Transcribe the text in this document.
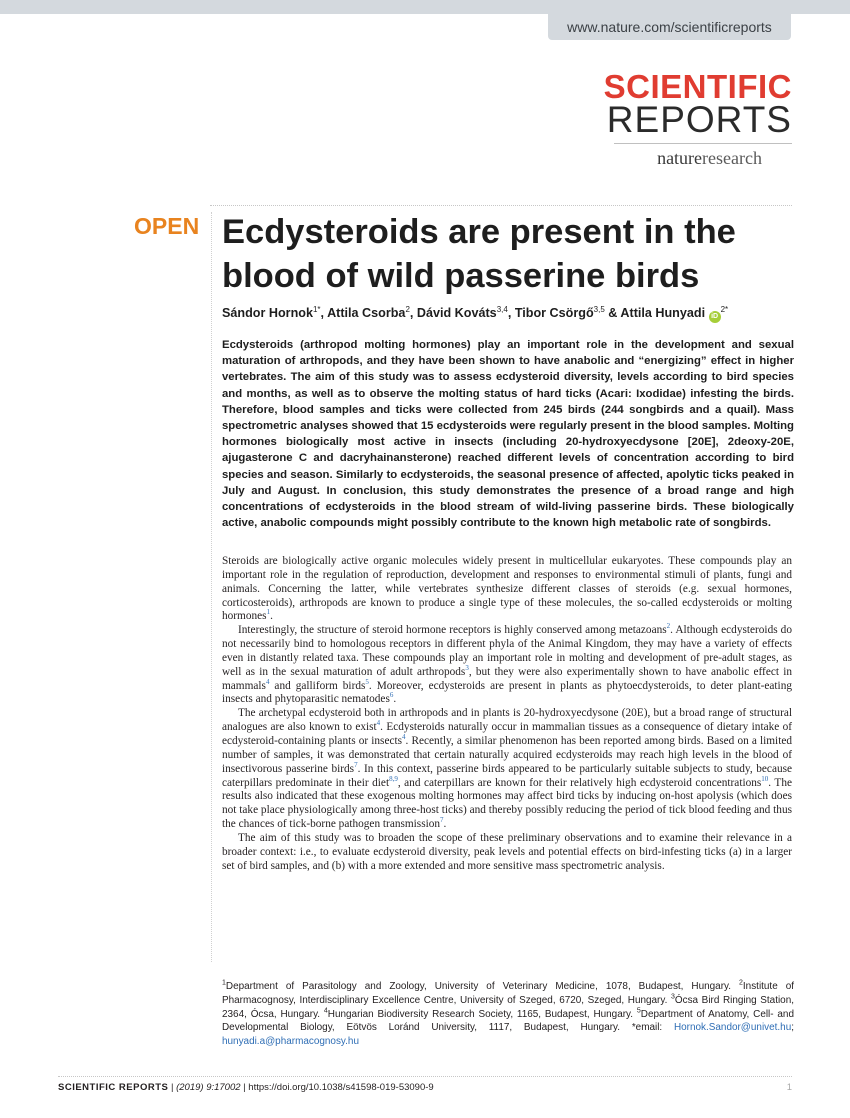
www.nature.com/scientificreports
SCIENTIFIC
REPORTS
natureresearch
OPEN Ecdysteroids are present in the blood of wild passerine birds
Sándor Hornok$^{1*}$, Attila Csorba$^2$, Dávid Kováts$^{3,4}$, Tibor Csörgő$^{3,5}$ & Attila Hunyadi $iD^{2*}$

Ecdysteroids (arthropod molting hormones) play an important role in the development and sexual maturation of arthropods, and they have been shown to have anabolic and “energizing” effect in higher vertebrates. The aim of this study was to assess ecdysteroid diversity, levels according to bird species and months, as well as to observe the molting status of hard ticks (Acari: Ixodidae) infesting the birds. Therefore, blood samples and ticks were collected from 245 birds (244 songbirds and a quail). Mass spectrometric analyses showed that 15 ecdysteroids were regularly present in the blood samples. Molting hormones biologically most active in insects (including 20-hydroxyecdysone [20E], 2deoxy-20E, ajugasterone C and dacryhainansterone) reached different levels of concentration according to bird species and season. Similarly to ecdysteroids, the seasonal presence of affected, apolytic ticks peaked in July and August. In conclusion, this study demonstrates the presence of a broad range and high concentrations of ecdysteroids in the blood stream of wild-living passerine birds. These biologically active, anabolic compounds might possibly contribute to the known high metabolic rate of songbirds.

Steroids are biologically active organic molecules widely present in multicellular eukaryotes. These compounds play an important role in the regulation of reproduction, development and responses to environmental stimuli of plants, fungi and animals. Concerning the latter, while vertebrates synthesize different classes of steroids (e.g. sexual hormones, corticosteroids), arthropods are known to produce a single type of these molecules, the so-called ecdysteroids or molting hormones$^1$.

Interestingly, the structure of steroid hormone receptors is highly conserved among metazoans$^2$. Although ecdysteroids do not necessarily bind to homologous receptors in different phyla of the Animal Kingdom, they may have a variety of effects even in distantly related taxa. These compounds play an important role in molting and development of pre-adult stages, as well as in the sexual maturation of adult arthropods$^3$, but they were also experimentally shown to have anabolic effect in mammals$^4$ and galliform birds$^5$. Moreover, ecdysteroids are present in plants as phytoecdysteroids, to deter plant-eating insects and phytoparasitic nematodes$^6$.

The archetypal ecdysteroid both in arthropods and in plants is 20-hydroxyecdysone (20E), but a broad range of structural analogues are also known to exist$^4$. Ecdysteroids naturally occur in mammalian tissues as a consequence of dietary intake of ecdysteroid-containing plants or insects$^4$. Recently, a similar phenomenon has been reported among birds. Based on a limited number of samples, it was demonstrated that certain naturally acquired ecdysteroids may reach high levels in the blood of insectivorous passerine birds$^7$. In this context, passerine birds appeared to be particularly suitable subjects to study, because caterpillars predominate in their diet$^{8,9}$, and caterpillars are known for their relatively high ecdysteroid concentrations$^{10}$. The results also indicated that these exogenous molting hormones may affect bird ticks by inducing on-host apolysis (which does not take place physiologically among three-host ticks) and thereby possibly reducing the period of tick blood feeding and thus the chances of tick-borne pathogen transmission$^7$.

The aim of this study was to broaden the scope of these preliminary observations and to examine their relevance in a broader context: i.e., to evaluate ecdysteroid diversity, peak levels and potential effects on bird-infesting ticks (a) in a larger set of bird samples, and (b) with a more extended and more sensitive mass spectrometric analysis.

$^1$Department of Parasitology and Zoology, University of Veterinary Medicine, 1078, Budapest, Hungary. $^2$Institute of Pharmacognosy, Interdisciplinary Excellence Centre, University of Szeged, 6720, Szeged, Hungary. $^3$Ócsa Bird Ringing Station, 2364, Ócsa, Hungary. $^4$Hungarian Biodiversity Research Society, 1165, Budapest, Hungary. $^5$Department of Anatomy, Cell- and Developmental Biology, Eötvös Loránd University, 1117, Budapest, Hungary. *email: Hornok.Sandor@univet.hu; hunyadi.a@pharmacognosy.hu

SCIENTIFIC REPORTS | (2019) 9:17002 | https://doi.org/10.1038/s41598-019-53090-9	1
